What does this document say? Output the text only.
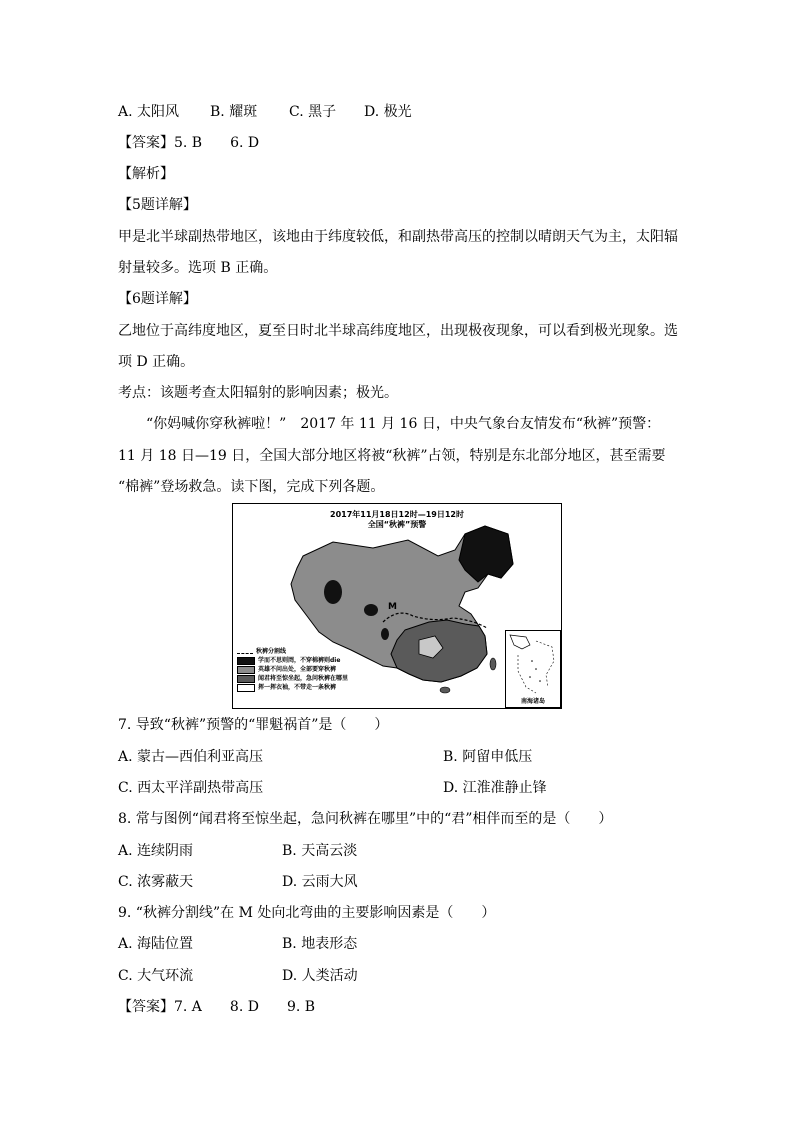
A. 太阳风 B. 耀斑 C. 黑子 D. 极光
【答案】5. B　　6. D
【解析】
【5题详解】
甲是北半球副热带地区，该地由于纬度较低，和副热带高压的控制以晴朗天气为主，太阳辐
射量较多。选项 B 正确。
【6题详解】
乙地位于高纬度地区，夏至日时北半球高纬度地区，出现极夜现象，可以看到极光现象。选
项 D 正确。
考点：该题考查太阳辐射的影响因素；极光。
　　“你妈喊你穿秋裤啦！”　2017 年 11 月 16 日，中央气象台友情发布“秋裤”预警：
11 月 18 日—19 日，全国大部分地区将被“秋裤”占领，特别是东北部分地区，甚至需要
“棉裤”登场救急。读下图，完成下列各题。
2017年11月18日12时—19日12时
全国“秋裤”预警
M
秋裤分割线
学而不思则罔，不穿棉裤则die
英雄不问出处，全部要穿秋裤
闻君将至惊坐起，急问秋裤在哪里
挥一挥衣袖，不带走一条秋裤
南海诸岛
7. 导致“秋裤”预警的“罪魁祸首”是（　　）
A. 蒙古—西伯利亚高压	B. 阿留申低压
C. 西太平洋副热带高压	D. 江淮准静止锋
8. 常与图例“闻君将至惊坐起，急问秋裤在哪里”中的“君”相伴而至的是（　　）
A. 连续阴雨	B. 天高云淡
C. 浓雾蔽天	D. 云雨大风
9. “秋裤分割线”在 M 处向北弯曲的主要影响因素是（　　）
A. 海陆位置	B. 地表形态
C. 大气环流	D. 人类活动
【答案】7. A　　8. D　　9. B
